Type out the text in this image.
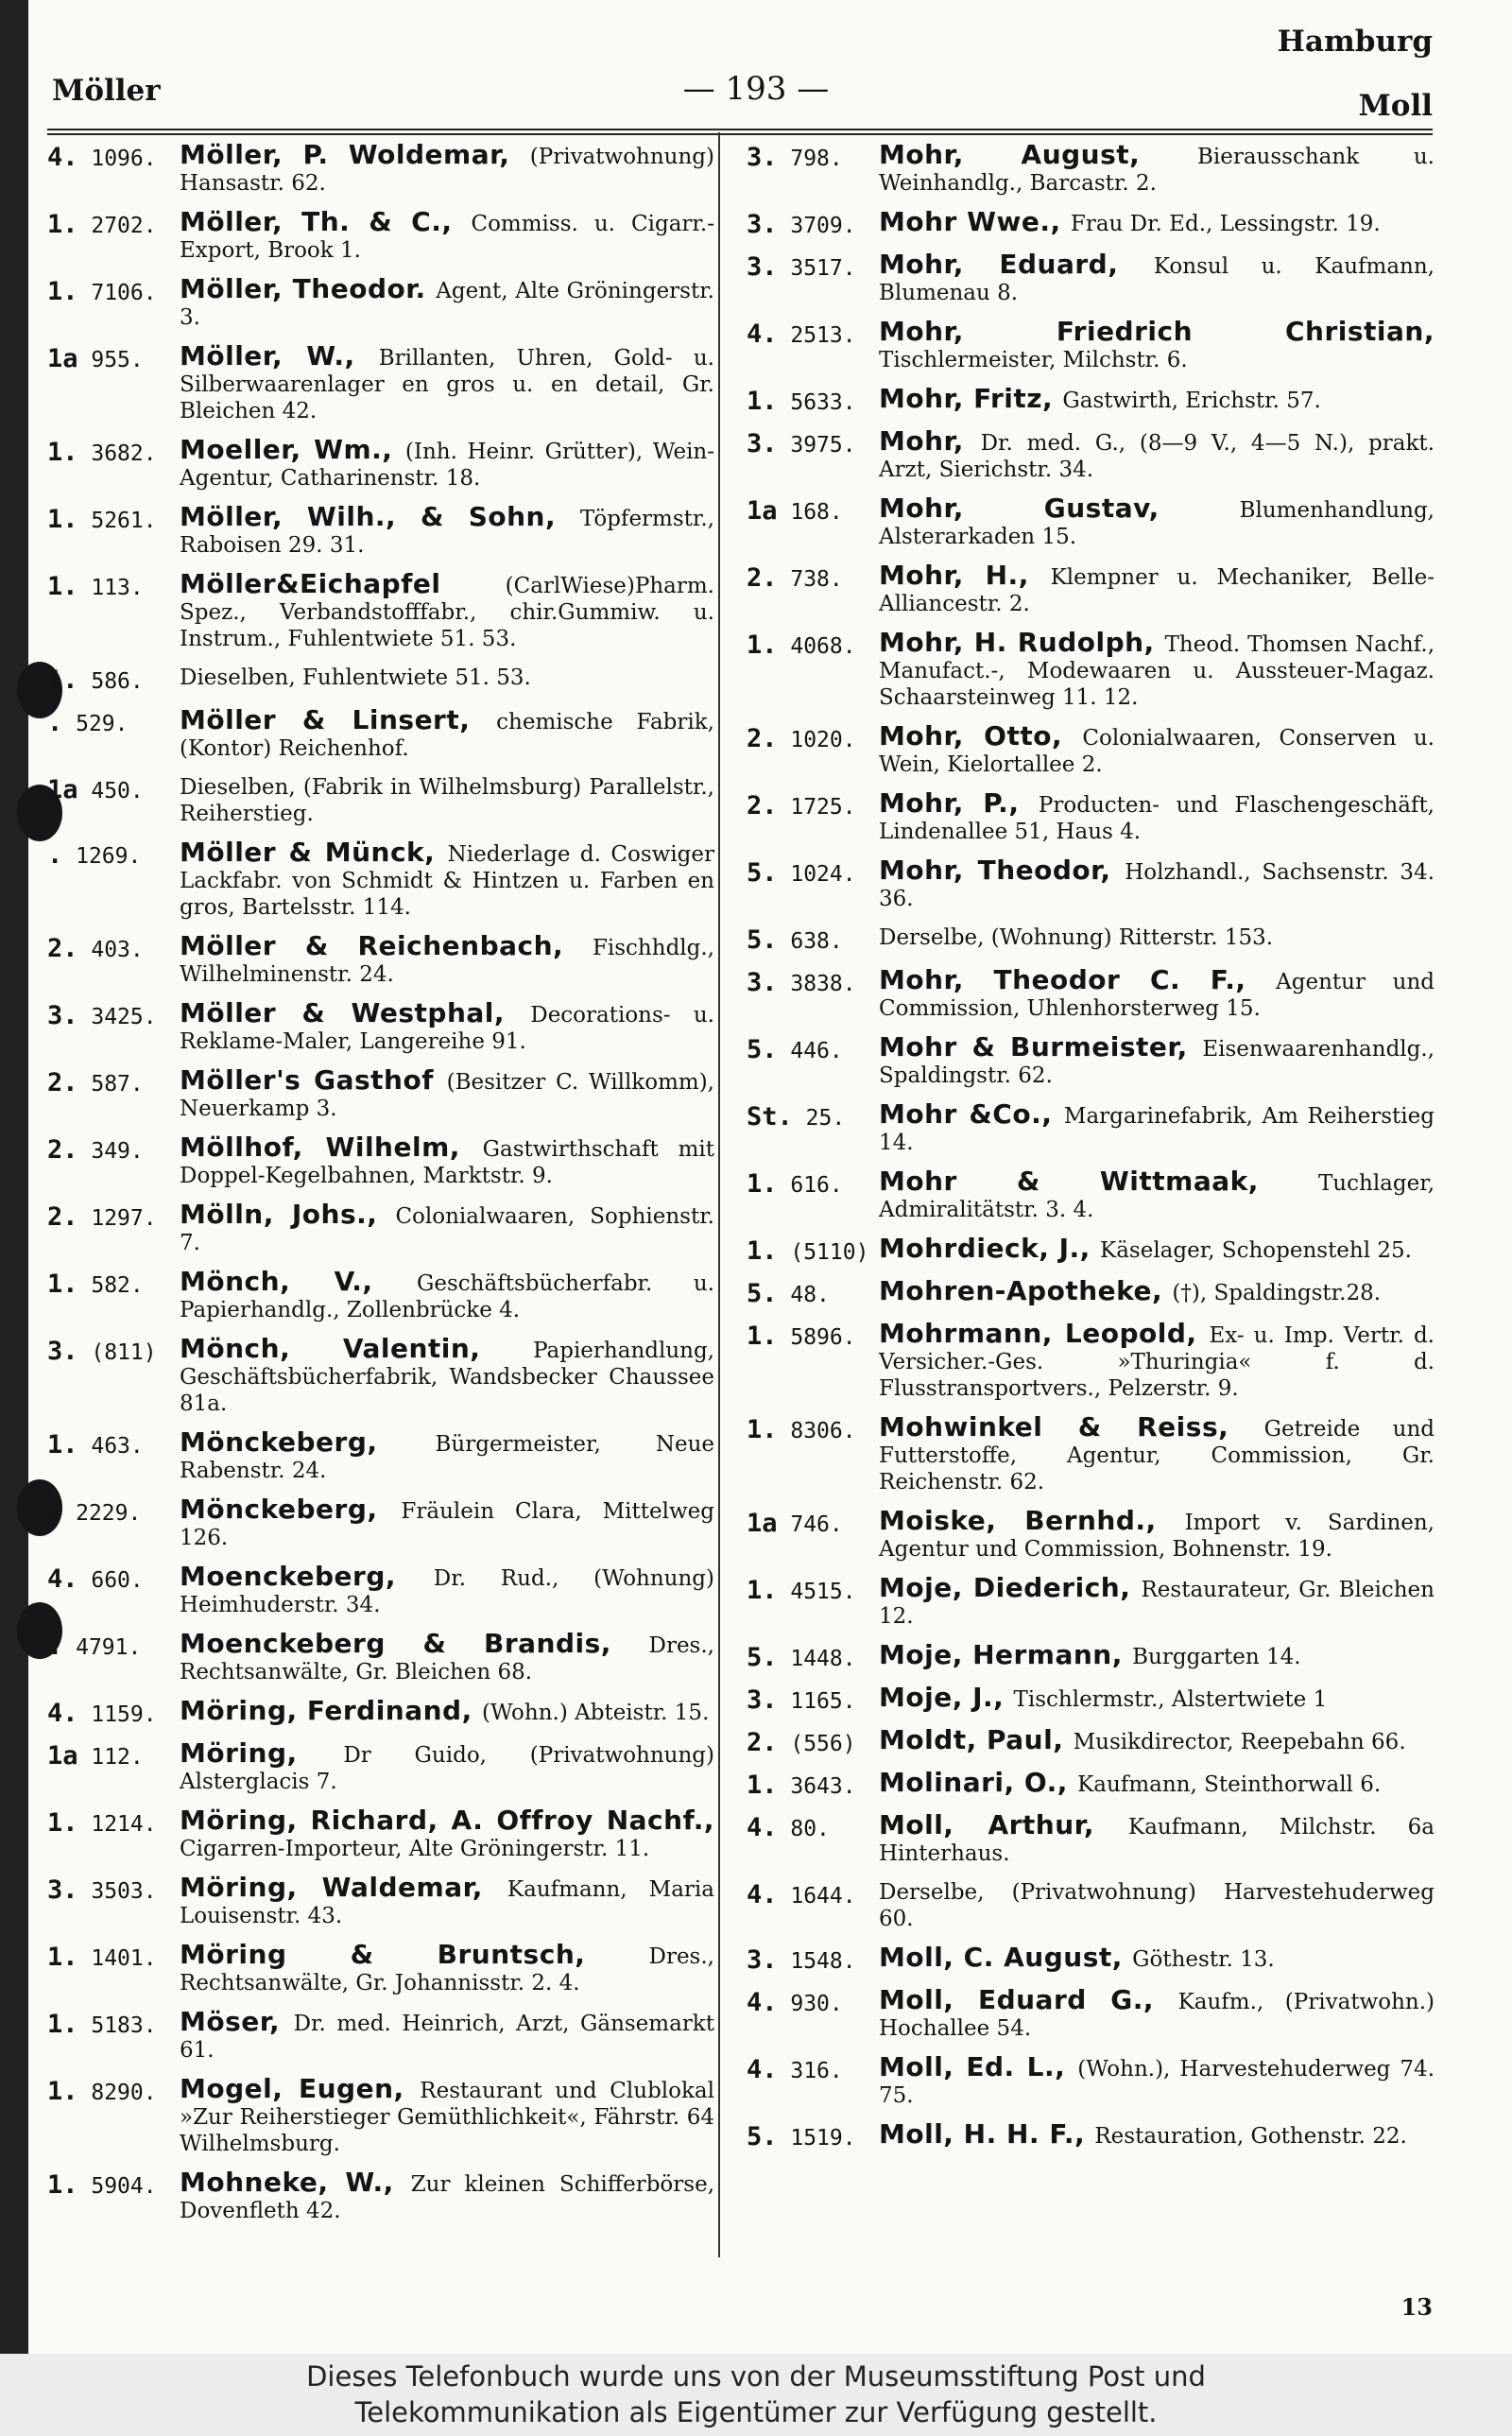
Möller	— 193 —
Hamburg
Moll
4. 1096. Möller, P. Woldemar, (Privatwohnung) Hansastr. 62.
1. 2702. Möller, Th. & C., Commiss. u. Cigarr.-Export, Brook 1.
1. 7106. Möller, Theodor. Agent, Alte Gröningerstr. 3.
1a 955.	Möller, W., Brillanten, Uhren, Gold- u. Silberwaarenlager en gros u. en detail, Gr. Bleichen 42.
1. 3682. Moeller, Wm., (Inh. Heinr. Grütter), Wein-Agentur, Catharinenstr. 18.
1. 5261. Möller, Wilh., & Sohn, Töpfermstr., Raboisen 29. 31.
1. 113.	Möller&Eichapfel (CarlWiese)Pharm. Spez., Verbandstofffabr., chir.Gummiw. u. Instrum., Fuhlentwiete 51. 53.
1. 586.	Dieselben, Fuhlentwiete 51. 53.
. 529.	Möller & Linsert, chemische Fabrik, (Kontor) Reichenhof.
1a 450.	Dieselben, (Fabrik in Wilhelmsburg) Parallelstr., Reiherstieg.
. 1269.	Möller & Münck, Niederlage d. Coswiger Lackfabr. von Schmidt & Hintzen u. Farben en gros, Bartelsstr. 114.
2. 403.	Möller & Reichenbach, Fischhdlg., Wilhelminenstr. 24.
3. 3425. Möller & Westphal, Decorations- u. Reklame-Maler, Langereihe 91.
2. 587.	Möller's Gasthof (Besitzer C. Willkomm), Neuerkamp 3.
2. 349.	Möllhof, Wilhelm, Gastwirthschaft mit Doppel-Kegelbahnen, Marktstr. 9.
2. 1297. Mölln, Johs., Colonialwaaren, Sophienstr. 7.
1. 582.	Mönch, V., Geschäftsbücherfabr. u. Papierhandlg., Zollenbrücke 4.
3. (811) Mönch, Valentin, Papierhandlung, Geschäftsbücherfabrik, Wandsbecker Chaussee 81a.
1. 463.	Mönckeberg, Bürgermeister, Neue Rabenstr. 24.
. 2229.	Mönckeberg, Fräulein Clara, Mittelweg 126.
4. 660.	Moenckeberg, Dr. Rud., (Wohnung) Heimhuderstr. 34.
. 4791.	Moenckeberg & Brandis, Dres., Rechtsanwälte, Gr. Bleichen 68.
4. 1159. Möring, Ferdinand, (Wohn.) Abteistr. 15.
1a 112.	Möring, Dr Guido, (Privatwohnung) Alsterglacis 7.
1. 1214. Möring, Richard, A. Offroy Nachf., Cigarren-Importeur, Alte Gröningerstr. 11.
3. 3503. Möring, Waldemar, Kaufmann, Maria Louisenstr. 43.
1. 1401. Möring & Bruntsch, Dres., Rechtsanwälte, Gr. Johannisstr. 2. 4.
1. 5183. Möser, Dr. med. Heinrich, Arzt, Gänsemarkt 61.
1. 8290. Mogel, Eugen, Restaurant und Clublokal »Zur Reiherstieger Gemüthlichkeit«, Fährstr. 64 Wilhelmsburg.
1. 5904. Mohneke, W., Zur kleinen Schifferbörse, Dovenfleth 42.
3. 798.	Mohr, August, Bierausschank u. Weinhandlg., Barcastr. 2.
3. 3709. Mohr Wwe., Frau Dr. Ed., Lessingstr. 19.
3. 3517. Mohr, Eduard, Konsul u. Kaufmann, Blumenau 8.
4. 2513. Mohr, Friedrich Christian, Tischlermeister, Milchstr. 6.
1. 5633. Mohr, Fritz, Gastwirth, Erichstr. 57.
3. 3975. Mohr, Dr. med. G., (8—9 V., 4—5 N.), prakt. Arzt, Sierichstr. 34.
1a 168.	Mohr, Gustav, Blumenhandlung, Alsterarkaden 15.
2. 738.	Mohr, H., Klempner u. Mechaniker, Belle-Alliancestr. 2.
1. 4068. Mohr, H. Rudolph, Theod. Thomsen Nachf., Manufact.-, Modewaaren u. Aussteuer-Magaz. Schaarsteinweg 11. 12.
2. 1020. Mohr, Otto, Colonialwaaren, Conserven u. Wein, Kielortallee 2.
2. 1725. Mohr, P., Producten- und Flaschengeschäft, Lindenallee 51, Haus 4.
5. 1024. Mohr, Theodor, Holzhandl., Sachsenstr. 34. 36.
5. 638.	Derselbe, (Wohnung) Ritterstr. 153.
3. 3838. Mohr, Theodor C. F., Agentur und Commission, Uhlenhorsterweg 15.
5. 446.	Mohr & Burmeister, Eisenwaarenhandlg., Spaldingstr. 62.
St. 25.	Mohr &Co., Margarinefabrik, Am Reiherstieg 14.
1. 616.	Mohr & Wittmaak, Tuchlager, Admiralitätstr. 3. 4.
1. (5110) Mohrdieck, J., Käselager, Schopenstehl 25.
5. 48.	Mohren-Apotheke, (†), Spaldingstr.28.
1. 5896. Mohrmann, Leopold, Ex- u. Imp. Vertr. d. Versicher.-Ges. »Thuringia« f. d. Flusstransportvers., Pelzerstr. 9.
1. 8306. Mohwinkel & Reiss, Getreide und Futterstoffe, Agentur, Commission, Gr. Reichenstr. 62.
1a 746.	Moiske, Bernhd., Import v. Sardinen, Agentur und Commission, Bohnenstr. 19.
1. 4515. Moje, Diederich, Restaurateur, Gr. Bleichen 12.
5. 1448. Moje, Hermann, Burggarten 14.
3. 1165. Moje, J., Tischlermstr., Alstertwiete 1
2. (556) Moldt, Paul, Musikdirector, Reepebahn 66.
1. 3643. Molinari, O., Kaufmann, Steinthorwall 6.
4. 80.	Moll, Arthur, Kaufmann, Milchstr. 6a Hinterhaus.
4. 1644.	Derselbe, (Privatwohnung) Harvestehuderweg 60.
3. 1548. Moll, C. August, Göthestr. 13.
4. 930.	Moll, Eduard G., Kaufm., (Privatwohn.) Hochallee 54.
4. 316.	Moll, Ed. L., (Wohn.), Harvestehuderweg 74. 75.
5. 1519. Moll, H. H. F., Restauration, Gothenstr. 22.
13
Dieses Telefonbuch wurde uns von der Museumsstiftung Post und
Telekommunikation als Eigentümer zur Verfügung gestellt.
